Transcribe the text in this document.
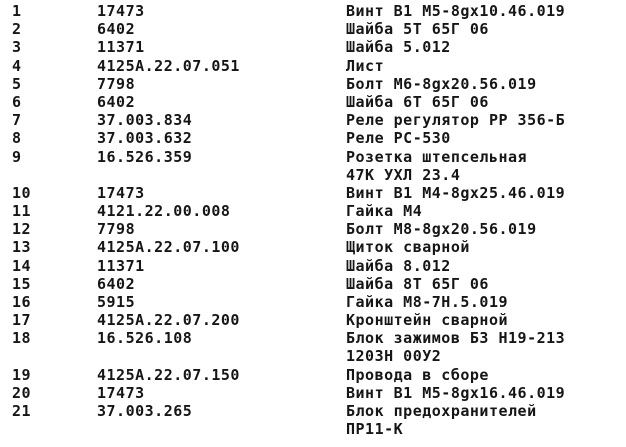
1	17473	Винт В1 М5-8gx10.46.019
2	6402	Шайба 5Т 65Г 06
3	11371	Шайба 5.012
4	4125А.22.07.051	Лист
5	7798	Болт М6-8gx20.56.019
6	6402	Шайба 6Т 65Г 06
7	37.003.834	Реле регулятор РР 356-Б
8	37.003.632	Реле РС-530
9	16.526.359	Розетка штепсельная
47К УХЛ 23.4
10	17473	Винт В1 М4-8gx25.46.019
11	4121.22.00.008	Гайка М4
12	7798	Болт М8-8gx20.56.019
13	4125А.22.07.100	Щиток сварной
14	11371	Шайба 8.012
15	6402	Шайба 8Т 65Г 06
16	5915	Гайка М8-7Н.5.019
17	4125А.22.07.200	Кронштейн сварной
18	16.526.108	Блок зажимов БЗ Н19-213
1203Н 00У2
19	4125А.22.07.150	Провода в сборе
20	17473	Винт В1 М5-8gx16.46.019
21	37.003.265	Блок предохранителей
ПР11-К
